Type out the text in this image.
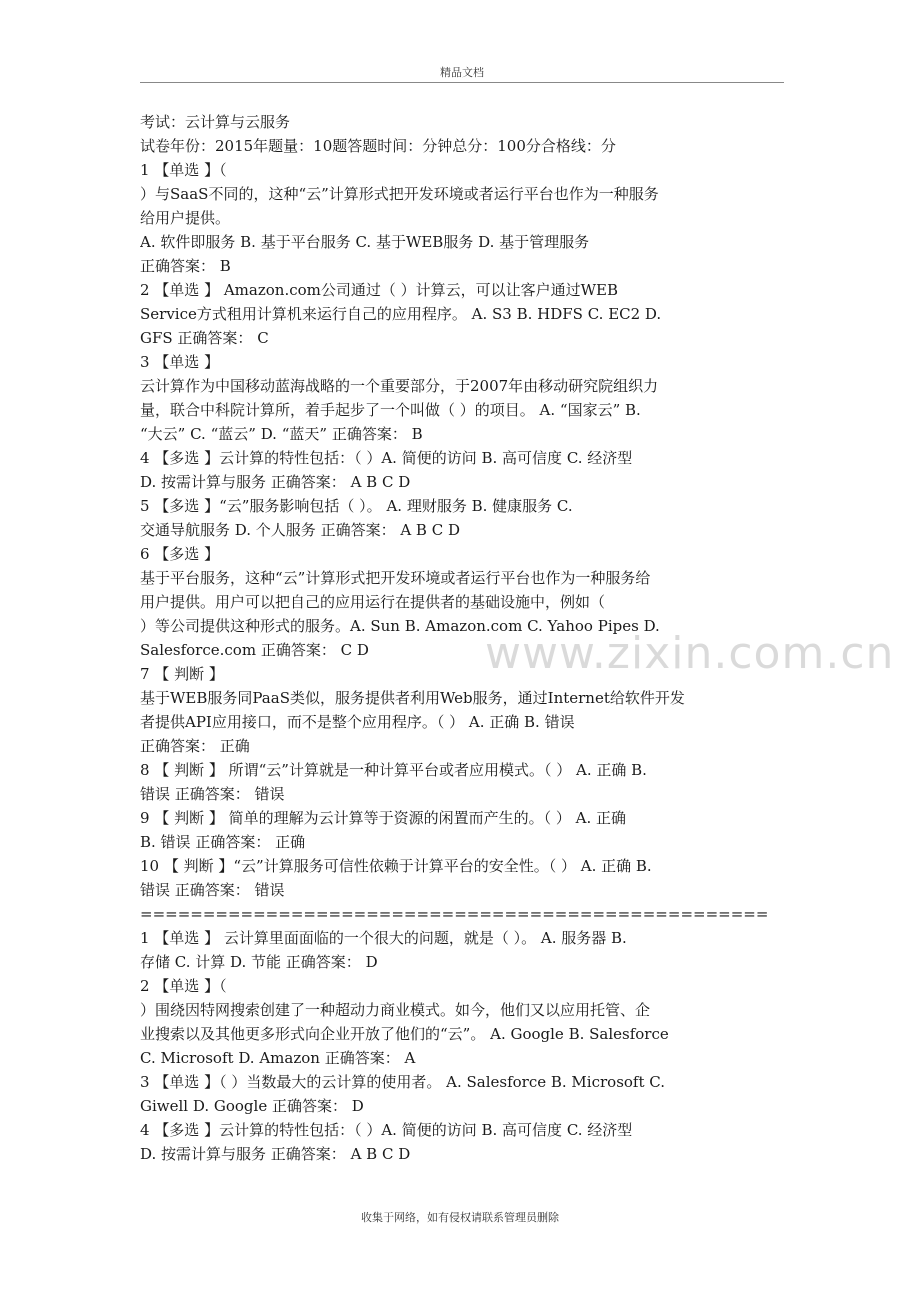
精品文档
考试：云计算与云服务
试卷年份：2015年题量：10题答题时间：分钟总分：100分合格线：分
1 【单选 】（
）与SaaS不同的，这种“云”计算形式把开发环境或者运行平台也作为一种服务
给用户提供。
A. 软件即服务 B. 基于平台服务 C. 基于WEB服务 D. 基于管理服务
正确答案： B
2 【单选 】 Amazon.com公司通过（ ）计算云，可以让客户通过WEB
Service方式租用计算机来运行自己的应用程序。 A. S3 B. HDFS C. EC2 D.
GFS 正确答案： C
3 【单选 】
云计算作为中国移动蓝海战略的一个重要部分，于2007年由移动研究院组织力
量，联合中科院计算所，着手起步了一个叫做（ ）的项目。 A. “国家云” B.
“大云” C. “蓝云” D. “蓝天” 正确答案： B
4 【多选 】云计算的特性包括：（ ）A. 简便的访问 B. 高可信度 C. 经济型
D. 按需计算与服务 正确答案： A B C D
5 【多选 】“云”服务影响包括（ ）。 A. 理财服务 B. 健康服务 C.
交通导航服务 D. 个人服务 正确答案： A B C D
6 【多选 】
基于平台服务，这种“云”计算形式把开发环境或者运行平台也作为一种服务给
用户提供。用户可以把自己的应用运行在提供者的基础设施中，例如（
）等公司提供这种形式的服务。A. Sun B. Amazon.com C. Yahoo Pipes D.
Salesforce.com 正确答案： C D
7 【 判断 】
基于WEB服务同PaaS类似，服务提供者利用Web服务，通过Internet给软件开发
者提供API应用接口，而不是整个应用程序。（ ） A. 正确 B. 错误
正确答案： 正确
8 【 判断 】 所谓“云”计算就是一种计算平台或者应用模式。（ ） A. 正确 B.
错误 正确答案： 错误
9 【 判断 】 简单的理解为云计算等于资源的闲置而产生的。（ ） A. 正确
B. 错误 正确答案： 正确
10 【 判断 】“云”计算服务可信性依赖于计算平台的安全性。（ ） A. 正确 B.
错误 正确答案： 错误
==================================================
1 【单选 】 云计算里面面临的一个很大的问题，就是（ ）。 A. 服务器 B.
存储 C. 计算 D. 节能 正确答案： D
2 【单选 】（
）围绕因特网搜索创建了一种超动力商业模式。如今，他们又以应用托管、企
业搜索以及其他更多形式向企业开放了他们的“云”。 A. Google B. Salesforce
C. Microsoft D. Amazon 正确答案： A
3 【单选 】（ ）当数最大的云计算的使用者。 A. Salesforce B. Microsoft C.
Giwell D. Google 正确答案： D
4 【多选 】云计算的特性包括：（ ）A. 简便的访问 B. 高可信度 C. 经济型
D. 按需计算与服务 正确答案： A B C D
www.zixin.com.cn
收集于网络，如有侵权请联系管理员删除
